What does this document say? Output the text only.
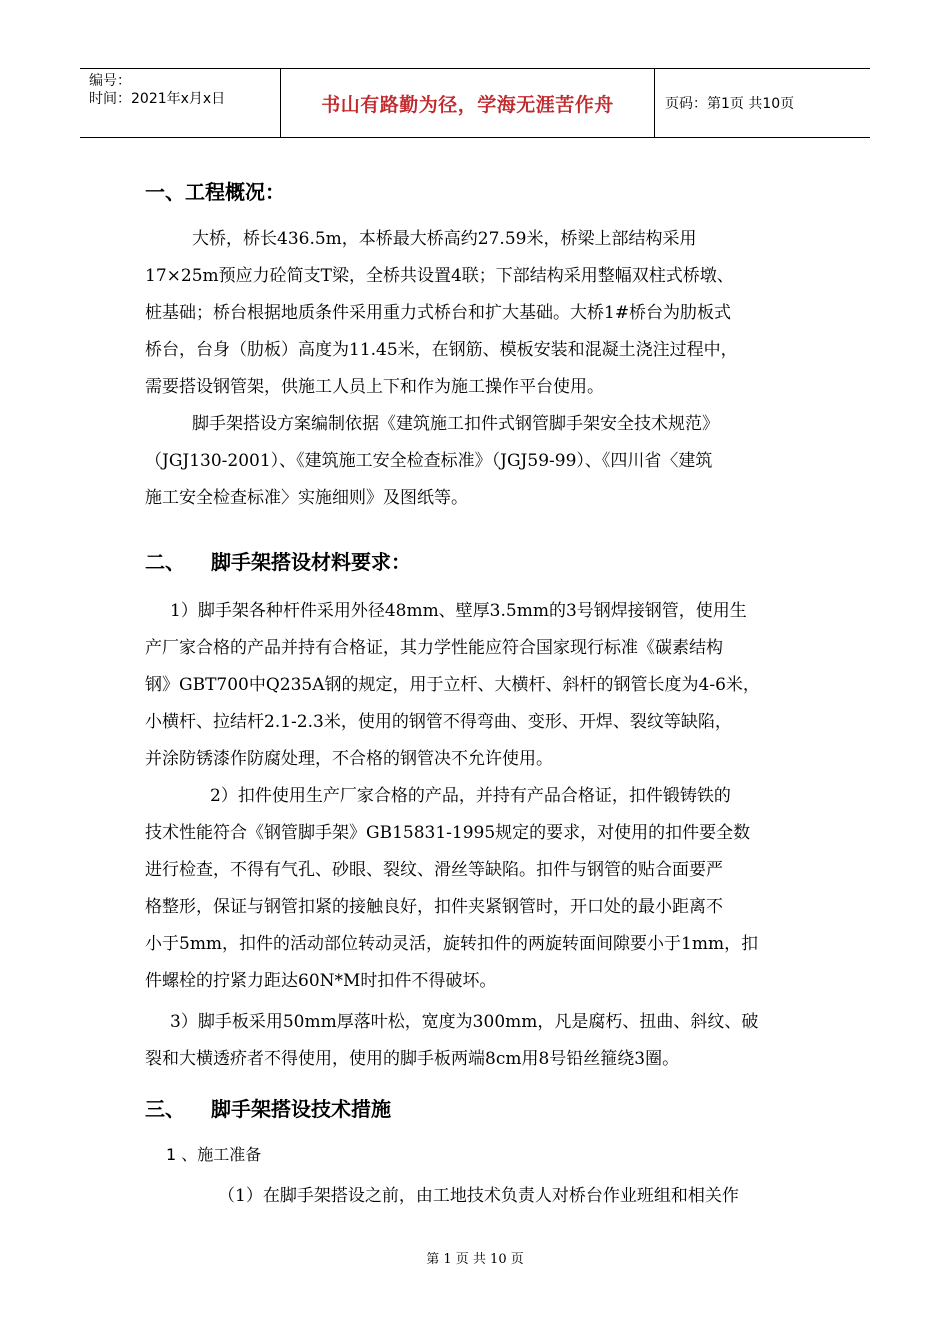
编号：
时间：2021年x月x日	书山有路勤为径，学海无涯苦作舟	页码：第1页 共10页
一、工程概况：
大桥，桥长436.5m，本桥最大桥高约27.59米，桥梁上部结构采用
17×25m预应力砼简支T梁，全桥共设置4联；下部结构采用整幅双柱式桥墩、
桩基础；桥台根据地质条件采用重力式桥台和扩大基础。大桥1#桥台为肋板式
桥台，台身（肋板）高度为11.45米，在钢筋、模板安装和混凝土浇注过程中，
需要搭设钢管架，供施工人员上下和作为施工操作平台使用。
脚手架搭设方案编制依据《建筑施工扣件式钢管脚手架安全技术规范》
（JGJ130-2001）、《建筑施工安全检查标准》（JGJ59-99）、《四川省〈建筑
施工安全检查标准〉实施细则》及图纸等。
二、 脚手架搭设材料要求：
1）脚手架各种杆件采用外径48mm、壁厚3.5mm的3号钢焊接钢管，使用生
产厂家合格的产品并持有合格证，其力学性能应符合国家现行标准《碳素结构
钢》GBT700中Q235A钢的规定，用于立杆、大横杆、斜杆的钢管长度为4-6米，
小横杆、拉结杆2.1-2.3米，使用的钢管不得弯曲、变形、开焊、裂纹等缺陷，
并涂防锈漆作防腐处理，不合格的钢管决不允许使用。
2）扣件使用生产厂家合格的产品，并持有产品合格证，扣件锻铸铁的
技术性能符合《钢管脚手架》GB15831-1995规定的要求，对使用的扣件要全数
进行检查，不得有气孔、砂眼、裂纹、滑丝等缺陷。扣件与钢管的贴合面要严
格整形，保证与钢管扣紧的接触良好，扣件夹紧钢管时，开口处的最小距离不
小于5mm，扣件的活动部位转动灵活，旋转扣件的两旋转面间隙要小于1mm，扣
件螺栓的拧紧力距达60N*M时扣件不得破坏。
3）脚手板采用50mm厚落叶松，宽度为300mm，凡是腐朽、扭曲、斜纹、破
裂和大横透疥者不得使用，使用的脚手板两端8cm用8号铅丝箍绕3圈。
三、 脚手架搭设技术措施
1 、施工准备
（1）在脚手架搭设之前，由工地技术负责人对桥台作业班组和相关作
第 1 页 共 10 页
